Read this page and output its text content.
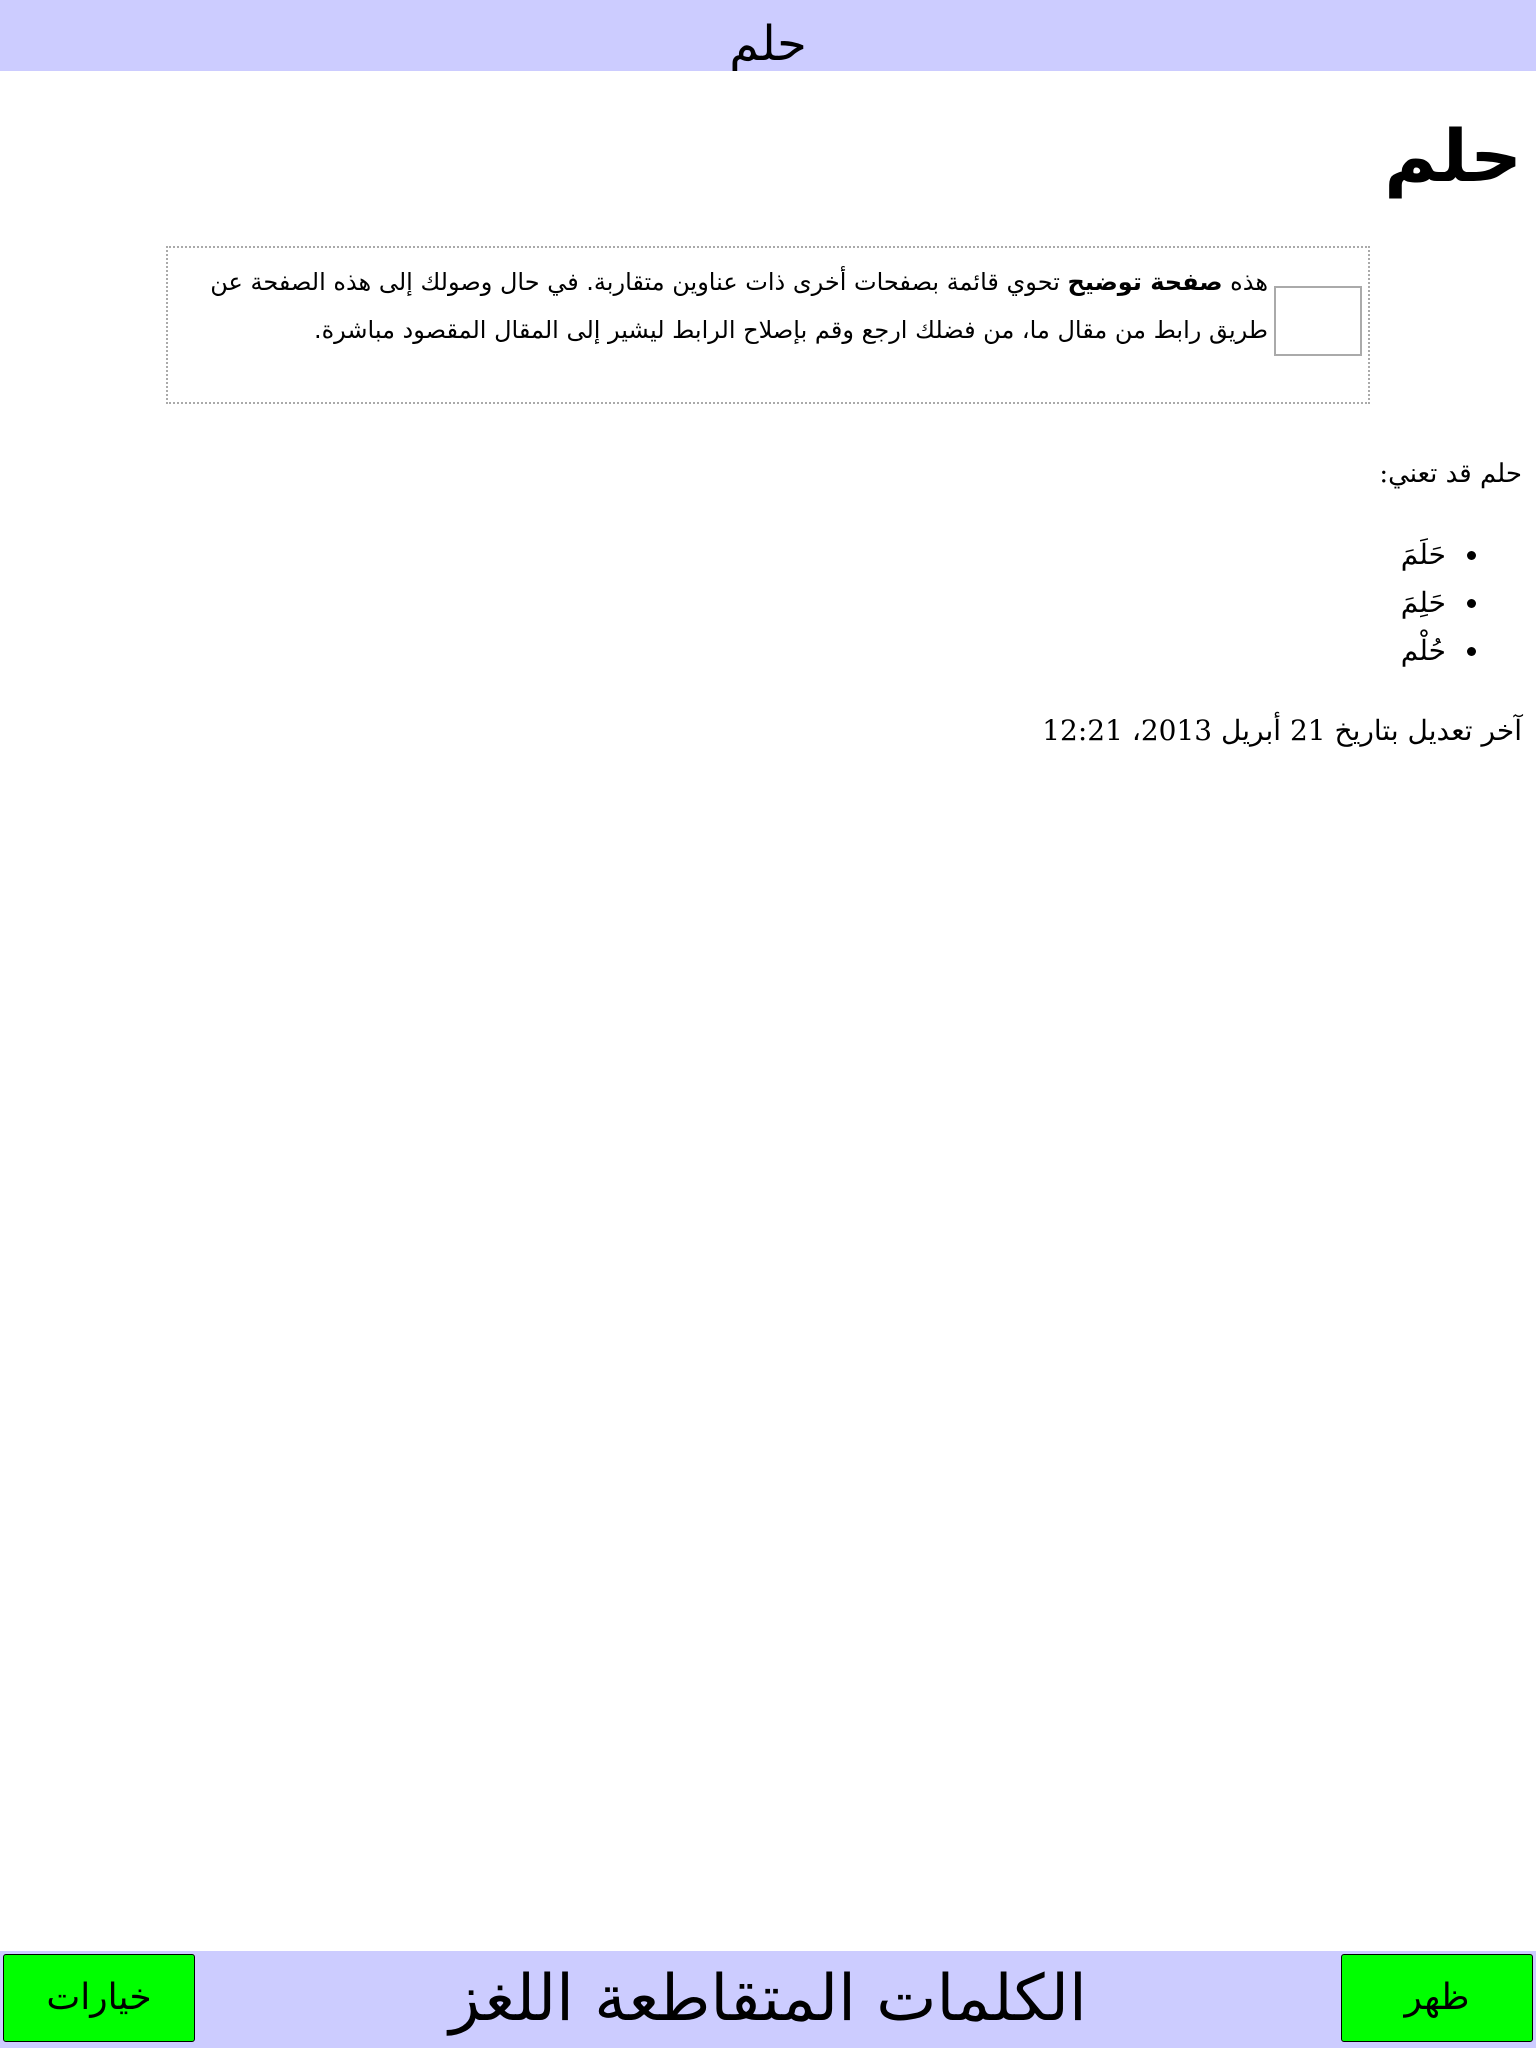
حلم
حلم
هذه صفحة توضيح تحوي قائمة بصفحات أخرى ذات عناوين متقاربة. في حال وصولك إلى هذه الصفحة عن طريق رابط من مقال ما، من فضلك ارجع وقم بإصلاح الرابط ليشير إلى المقال المقصود مباشرة.

حلم قد تعني:

• حَلَمَ
• حَلِمَ
• حُلْم

آخر تعديل بتاريخ 21 أبريل 2013، 12:21

خيارات	الكلمات المتقاطعة اللغز	ظهر
